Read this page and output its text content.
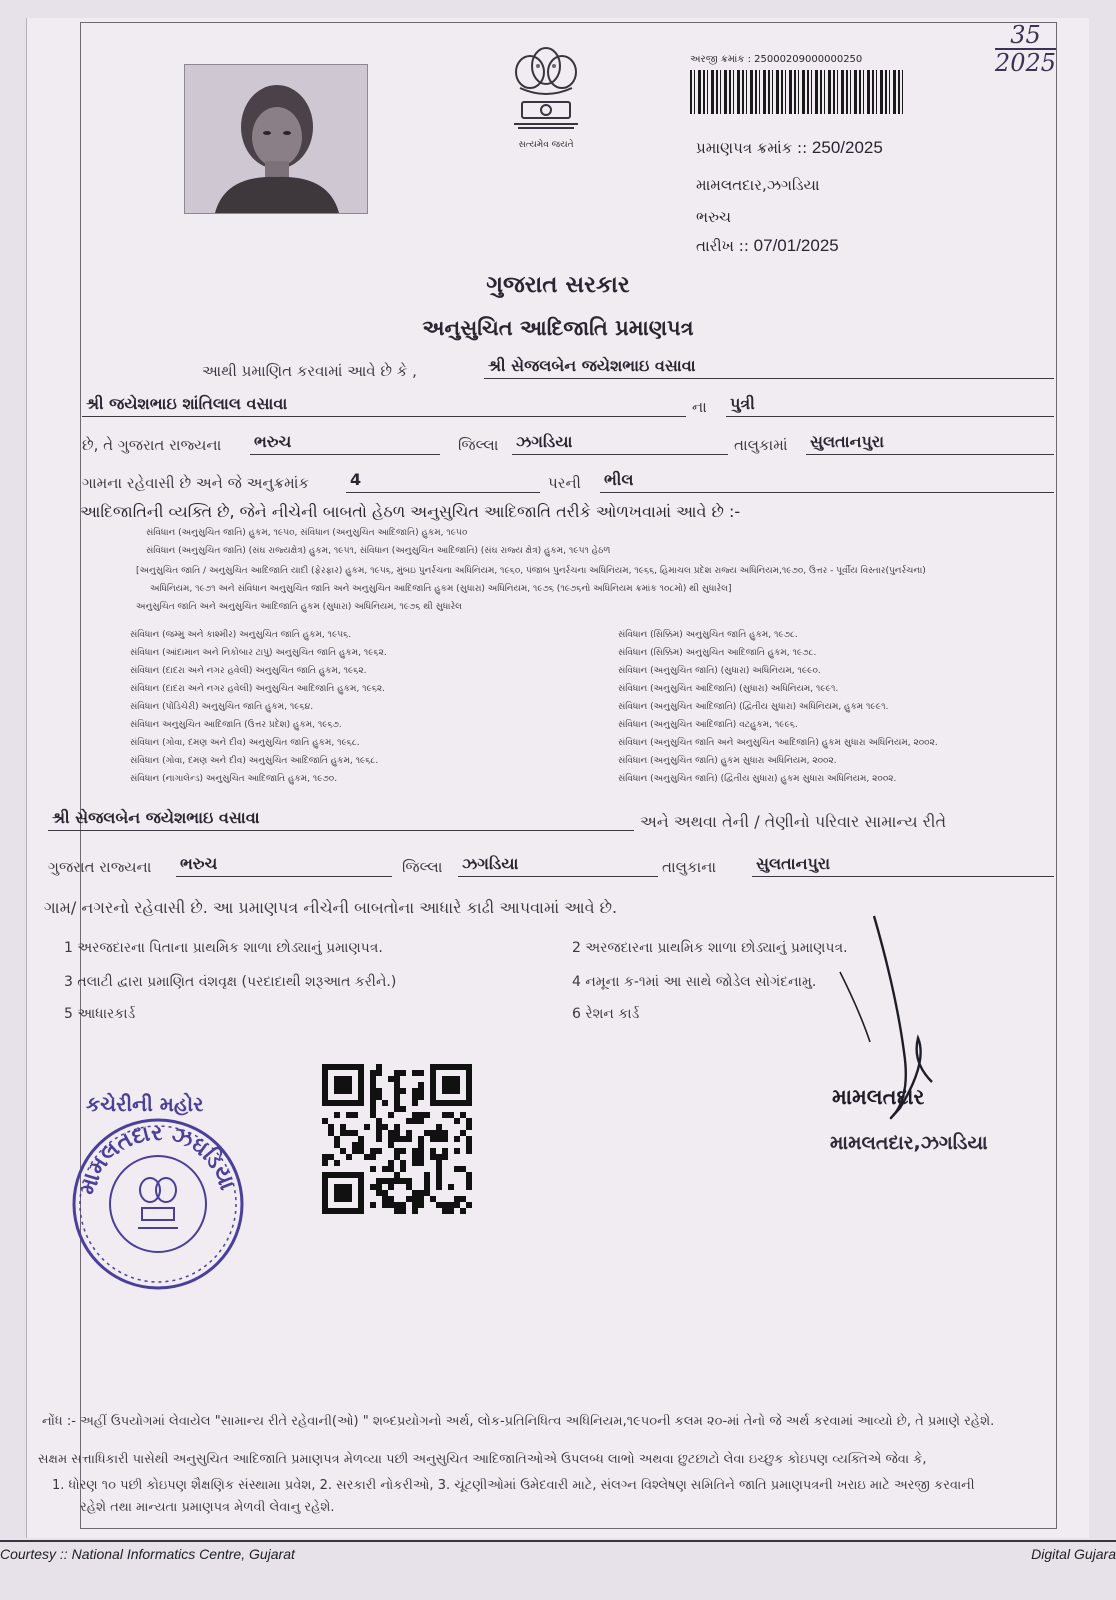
35
2025
સત્યમેવ જયતે
અરજી ક્રમાંક : 25000209000000250
પ્રમાણપત્ર ક્રમાંક :: 250/2025
મામલતદાર,ઝગડિયા
ભરુચ
તારીખ :: 07/01/2025
ગુજરાત સરકાર
અનુસુચિત આદિજાતિ પ્રમાણપત્ર
આથી પ્રમાણિત કરવામાં આવે છે કે ,	શ્રી સેજલબેન જયેશભાઇ વસાવા
શ્રી જયેશભાઇ શાંતિલાલ વસાવા	ના પુત્રી
છે, તે ગુજરાત રાજ્યના ભરુચ	જિલ્લા ઝગડિયા	તાલુકામાં સુલતાનપુરા
ગામના રહેવાસી છે અને જે અનુક્રમાંક	4	પરની ભીલ
આદિજાતિની વ્યક્તિ છે, જેને નીચેની બાબતો હેઠળ અનુસુચિત આદિજાતિ તરીકે ઓળખવામાં આવે છે :-
સંવિધાન (અનુસુચિત જાતિ) હુકમ, ૧૯૫૦, સંવિધાન (અનુસુચિત આદિજાતિ) હુકમ, ૧૯૫૦
સંવિધાન (અનુસુચિત જાતિ) (સંઘ રાજ્યક્ષેત્ર) હુકમ, ૧૯૫૧, સંવિધાન (અનુસુચિત આદિજાતિ) (સંઘ રાજ્ય ક્ષેત્ર) હુકમ, ૧૯૫૧ હેઠળ
[અનુસુચિત જાતિ / અનુસુચિત આદિજાતિ યાદી (ફેરફાર) હુકમ, ૧૯૫૬, મુંબઇ પુનર્રચના અધિનિયમ, ૧૯૬૦, પંજાબ પુનર્રચના અધિનિયમ, ૧૯૬૬, હિમાચલ પ્રદેશ રાજ્ય અધિનિયમ,૧૯૭૦, ઉત્તર - પૂર્વીય વિસ્તાર(પુનર્રચના)
અધિનિયમ, ૧૯૭૧ અને સંવિધાન અનુસુચિત જાતિ અને અનુસુચિત આદિજાતિ હુકમ (સુધારા) અધિનિયમ, ૧૯૭૬ (૧૯૭૬નો અધિનિયમ ક્રમાંક ૧૦૮મો) થી સુધારેલ]
અનુસુચિત જાતિ અને અનુસુચિત આદિજાતિ હુકમ (સુધારા) અધિનિયમ, ૧૯૭૬ થી સુધારેલ
સંવિધાન (જમ્મુ અને કાશ્મીર) અનુસુચિત જાતિ હુકમ, ૧૯૫૬.
સંવિધાન (આંદામાન અને નિકોબાર ટાપુ) અનુસુચિત જાતિ હુકમ, ૧૯૬૨.
સંવિધાન (દાદરા અને નગર હવેલી) અનુસુચિત જાતિ હુકમ, ૧૯૬૨.
સંવિધાન (દાદરા અને નગર હવેલી) અનુસુચિત આદિજાતિ હુકમ, ૧૯૬૨.
સંવિધાન (પોંડિચેરી) અનુસુચિત જાતિ હુકમ, ૧૯૬૪.
સંવિધાન અનુસુચિત આદિજાતિ (ઉત્તર પ્રદેશ) હુકમ, ૧૯૬૭.
સંવિધાન (ગોવા, દમણ અને દીવ) અનુસુચિત જાતિ હુકમ, ૧૯૬૮.
સંવિધાન (ગોવા, દમણ અને દીવ) અનુસુચિત આદિજાતિ હુકમ, ૧૯૬૮.
સંવિધાન (નાગાલેન્ડ) અનુસુચિત આદિજાતિ હુકમ, ૧૯૭૦.
સંવિધાન (સિક્કિમ) અનુસુચિત જાતિ હુકમ, ૧૯૭૮.
સંવિધાન (સિક્કિમ) અનુસુચિત આદિજાતિ હુકમ, ૧૯૭૮.
સંવિધાન (અનુસુચિત જાતિ) (સુધારા) અધિનિયમ, ૧૯૯૦.
સંવિધાન (અનુસુચિત આદિજાતિ) (સુધારા) અધિનિયમ, ૧૯૯૧.
સંવિધાન (અનુસુચિત આદિજાતિ) (દ્વિતીય સુધારા) અધિનિયમ, હુકમ ૧૯૯૧.
સંવિધાન (અનુસુચિત આદિજાતિ) વટહુકમ, ૧૯૯૬.
સંવિધાન (અનુસુચિત જાતિ અને અનુસુચિત આદિજાતિ) હુકમ સુધારા અધિનિયમ, ૨૦૦૨.
સંવિધાન (અનુસુચિત જાતિ) હુકમ સુધારા અધિનિયમ, ૨૦૦૨.
સંવિધાન (અનુસુચિત જાતિ) (દ્વિતીય સુધારા) હુકમ સુધારા અધિનિયમ, ૨૦૦૨.
શ્રી સેજલબેન જયેશભાઇ વસાવા	અને અથવા તેની / તેણીનો પરિવાર સામાન્ય રીતે
ગુજરાત રાજ્યના ભરુચ	જિલ્લા ઝગડિયા	તાલુકાના સુલતાનપુરા
ગામ/ નગરનો રહેવાસી છે. આ પ્રમાણપત્ર નીચેની બાબતોના આધારે કાઢી આપવામાં આવે છે.
1 અરજદારના પિતાના પ્રાથમિક શાળા છોડ્યાનું પ્રમાણપત્ર.	2 અરજદારના પ્રાથમિક શાળા છોડ્યાનું પ્રમાણપત્ર.
3 તલાટી દ્વારા પ્રમાણિત વંશવૃક્ષ (પરદાદાથી શરૂઆત કરીને.)	4 નમૂના ક-૧માં આ સાથે જોડેલ સોગંદનામુ.
5 આધારકાર્ડ	6 રેશન કાર્ડ
કચેરીની મહોર
મામલતદાર ઝઘડિયા
મામલતદાર
મામલતદાર,ઝગડિયા
નોંધ :- અહીં ઉપયોગમાં લેવાયેલ "સામાન્ય રીતે રહેવાની(ઓ) " શબ્દપ્રયોગનો અર્થ, લોક-પ્રતિનિધિત્વ અધિનિયમ,૧૯૫૦ની કલમ ૨૦-માં તેનો જે અર્થ કરવામાં આવ્યો છે, તે પ્રમાણે રહેશે.
સક્ષમ સત્તાધિકારી પાસેથી અનુસુચિત આદિજાતિ પ્રમાણપત્ર મેળવ્યા પછી અનુસુચિત આદિજાતિઓએ ઉપલબ્ધ લાભો અથવા છુટછાટો લેવા ઇચ્છુક કોઇપણ વ્યક્તિએ જેવા કે,
1. ધોરણ ૧૦ પછી કોઇપણ શૈક્ષણિક સંસ્થામા પ્રવેશ, 2. સરકારી નોકરીઓ, 3. ચૂંટણીઓમાં ઉમેદવારી માટે, સંલગ્ન વિશ્લેષણ સમિતિને જાતિ પ્રમાણપત્રની ખરાઇ માટે અરજી કરવાની
રહેશે તથા માન્યતા પ્રમાણપત્ર મેળવી લેવાનુ રહેશે.
Courtesy :: National Informatics Centre, Gujarat	Digital Gujara
